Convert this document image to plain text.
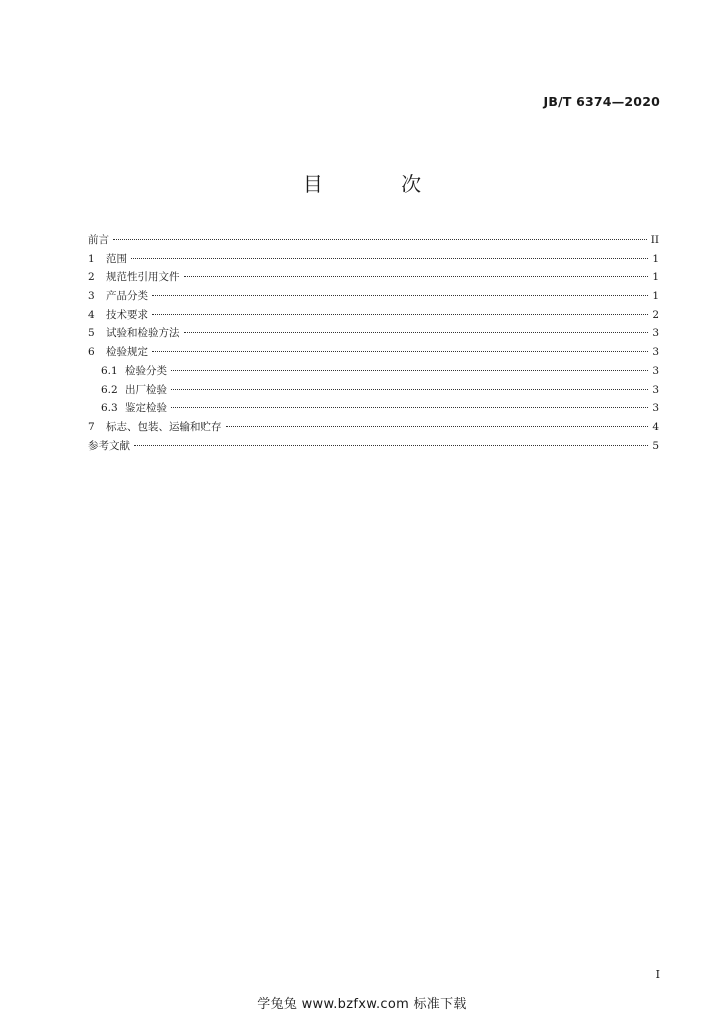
JB/T 6374—2020
目 次
前言	II
1	范围	1
2	规范性引用文件	1
3	产品分类	1
4	技术要求	2
5	试验和检验方法	3
6	检验规定	3
6.1 检验分类	3
6.2 出厂检验	3
6.3 鉴定检验	3
7	标志、包装、运输和贮存	4
参考文献	5
I
学兔兔 www.bzfxw.com 标准下载
